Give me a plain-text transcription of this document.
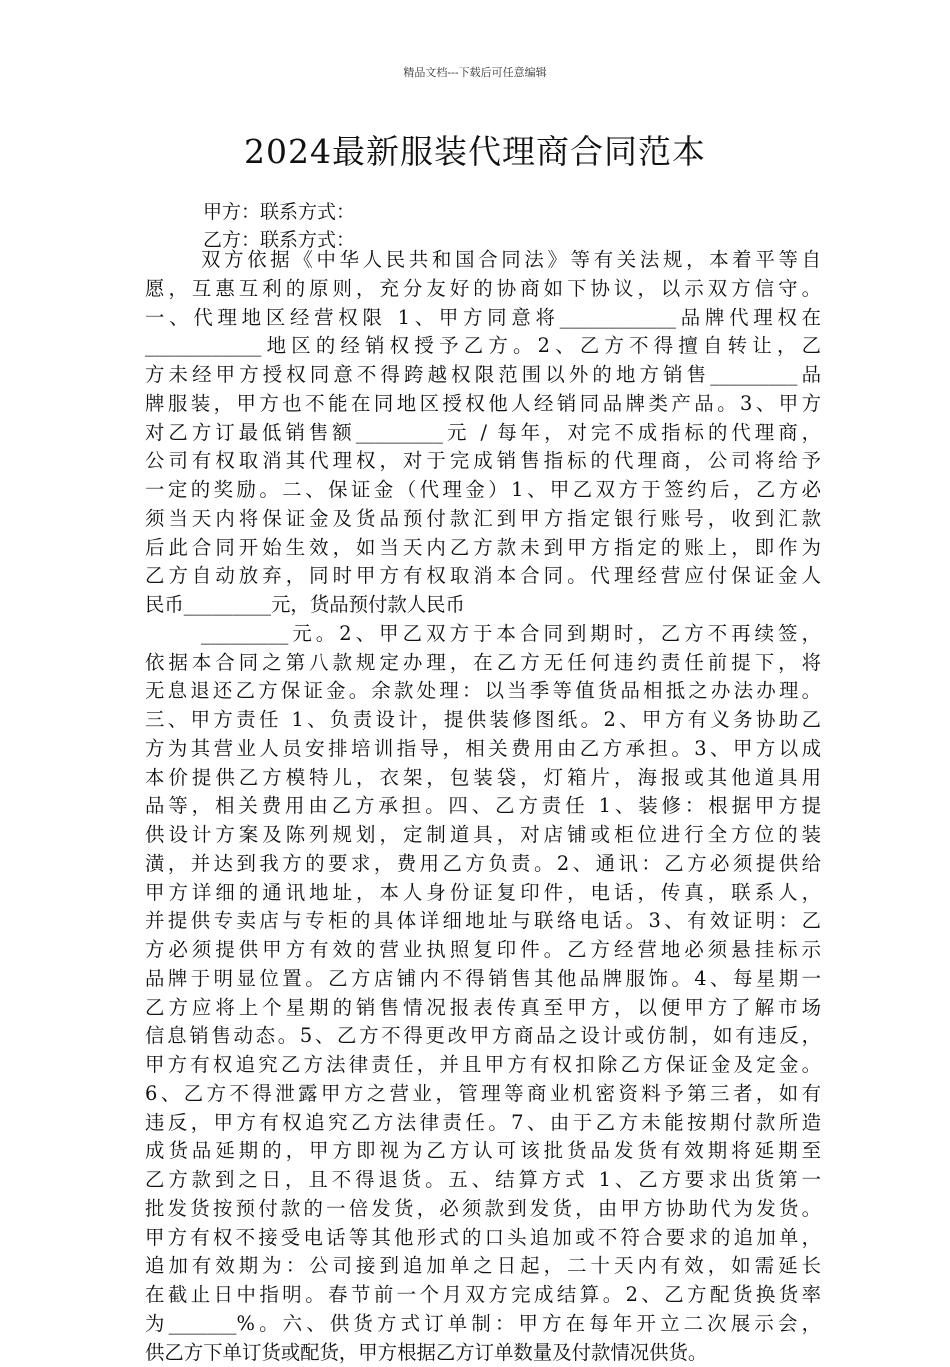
精品文档---下载后可任意编辑
2024最新服装代理商合同范本
甲方：联系方式：
乙方：联系方式：
双方依据《中华人民共和国合同法》等有关法规，本着平等自
愿，互惠互利的原则，充分友好的协商如下协议，以示双方信守。
一、代理地区经营权限 1、甲方同意将____________品牌代理权在
____________地区的经销权授予乙方。2、乙方不得擅自转让，乙
方未经甲方授权同意不得跨越权限范围以外的地方销售_________品
牌服装，甲方也不能在同地区授权他人经销同品牌类产品。3、甲方
对乙方订最低销售额_________元 / 每年，对完不成指标的代理商，
公司有权取消其代理权，对于完成销售指标的代理商，公司将给予
一定的奖励。二、保证金（代理金）1、甲乙双方于签约后，乙方必
须当天内将保证金及货品预付款汇到甲方指定银行账号，收到汇款
后此合同开始生效，如当天内乙方款未到甲方指定的账上，即作为
乙方自动放弃，同时甲方有权取消本合同。代理经营应付保证金人
民币_________元，货品预付款人民币
_________元。2、甲乙双方于本合同到期时，乙方不再续签，
依据本合同之第八款规定办理，在乙方无任何违约责任前提下，将
无息退还乙方保证金。余款处理：以当季等值货品相抵之办法办理。
三、甲方责任 1、负责设计，提供装修图纸。2、甲方有义务协助乙
方为其营业人员安排培训指导，相关费用由乙方承担。3、甲方以成
本价提供乙方模特儿，衣架，包装袋，灯箱片，海报或其他道具用
品等，相关费用由乙方承担。四、乙方责任 1、装修：根据甲方提
供设计方案及陈列规划，定制道具，对店铺或柜位进行全方位的装
潢，并达到我方的要求，费用乙方负责。2、通讯：乙方必须提供给
甲方详细的通讯地址，本人身份证复印件，电话，传真，联系人，
并提供专卖店与专柜的具体详细地址与联络电话。3、有效证明：乙
方必须提供甲方有效的营业执照复印件。乙方经营地必须悬挂标示
品牌于明显位置。乙方店铺内不得销售其他品牌服饰。4、每星期一
乙方应将上个星期的销售情况报表传真至甲方，以便甲方了解市场
信息销售动态。5、乙方不得更改甲方商品之设计或仿制，如有违反，
甲方有权追究乙方法律责任，并且甲方有权扣除乙方保证金及定金。
6、乙方不得泄露甲方之营业，管理等商业机密资料予第三者，如有
违反，甲方有权追究乙方法律责任。7、由于乙方未能按期付款所造
成货品延期的，甲方即视为乙方认可该批货品发货有效期将延期至
乙方款到之日，且不得退货。五、结算方式 1、乙方要求出货第一
批发货按预付款的一倍发货，必须款到发货，由甲方协助代为发货。
甲方有权不接受电话等其他形式的口头追加或不符合要求的追加单，
追加有效期为：公司接到追加单之日起，二十天内有效，如需延长
在截止日中指明。春节前一个月双方完成结算。2、乙方配货换货率
为_______%。六、供货方式订单制：甲方在每年开立二次展示会，
供乙方下单订货或配货，甲方根据乙方订单数量及付款情况供货。
